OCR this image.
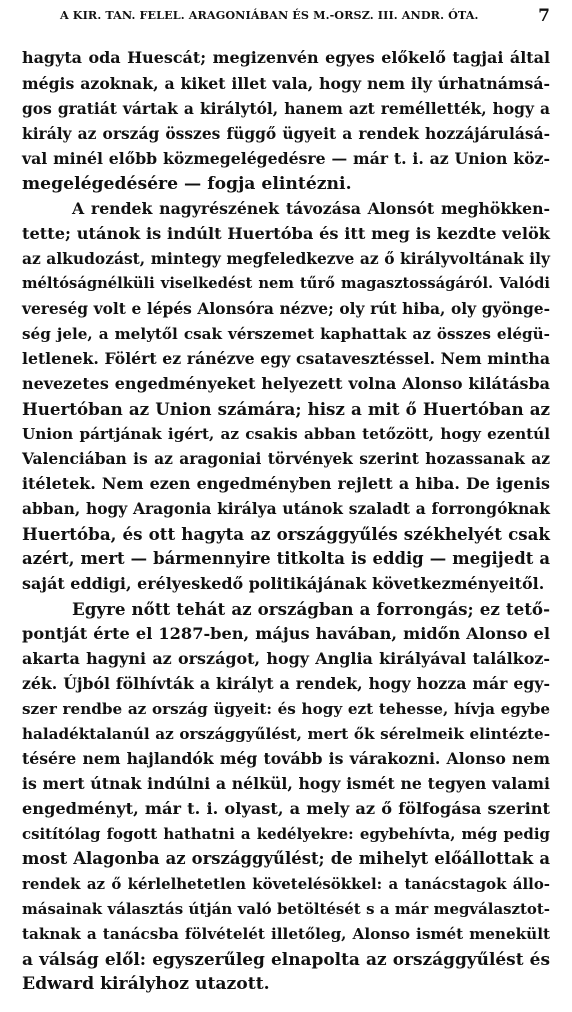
A KIR. TAN. FELEL. ARAGONIÁBAN ÉS M.-ORSZ. III. ANDR. ÓTA.	7
hagyta oda Huescát; megizenvén egyes előkelő tagjai által
mégis azoknak, a kiket illet vala, hogy nem ily úrhatnámsá-
gos gratiát vártak a királytól, hanem azt reméllették, hogy a
király az ország összes függő ügyeit a rendek hozzájárulásá-
val minél előbb közmegelégedésre — már t. i. az Union köz-
megelégedésére — fogja elintézni.
A rendek nagyrészének távozása Alonsót meghökken-
tette; utánok is indúlt Huertóba és itt meg is kezdte velök
az alkudozást, mintegy megfeledkezve az ő királyvoltának ily
méltóságnélküli viselkedést nem tűrő magasztosságáról. Valódi
vereség volt e lépés Alonsóra nézve; oly rút hiba, oly gyönge-
ség jele, a melytől csak vérszemet kaphattak az összes elégü-
letlenek. Fölért ez ránézve egy csatavesztéssel. Nem mintha
nevezetes engedményeket helyezett volna Alonso kilátásba
Huertóban az Union számára; hisz a mit ő Huertóban az
Union pártjának igért, az csakis abban tetőzött, hogy ezentúl
Valenciában is az aragoniai törvények szerint hozassanak az
itéletek. Nem ezen engedményben rejlett a hiba. De igenis
abban, hogy Aragonia királya utánok szaladt a forrongóknak
Huertóba, és ott hagyta az országgyűlés székhelyét csak
azért, mert — bármennyire titkolta is eddig — megijedt a
saját eddigi, erélyeskedő politikájának következményeitől.
Egyre nőtt tehát az országban a forrongás; ez tető-
pontját érte el 1287-ben, május havában, midőn Alonso el
akarta hagyni az országot, hogy Anglia királyával találkoz-
zék. Újból fölhívták a királyt a rendek, hogy hozza már egy-
szer rendbe az ország ügyeit: és hogy ezt tehesse, hívja egybe
haladéktalanúl az országgyűlést, mert ők sérelmeik elintézte-
tésére nem hajlandók még tovább is várakozni. Alonso nem
is mert útnak indúlni a nélkül, hogy ismét ne tegyen valami
engedményt, már t. i. olyast, a mely az ő fölfogása szerint
csitítólag fogott hathatni a kedélyekre: egybehívta, még pedig
most Alagonba az országgyűlést; de mihelyt előállottak a
rendek az ő kérlelhetetlen követelésökkel: a tanácstagok állo-
másainak választás útján való betöltését s a már megválasztot-
taknak a tanácsba fölvételét illetőleg, Alonso ismét menekült
a válság elől: egyszerűleg elnapolta az országgyűlést és
Edward királyhoz utazott.
